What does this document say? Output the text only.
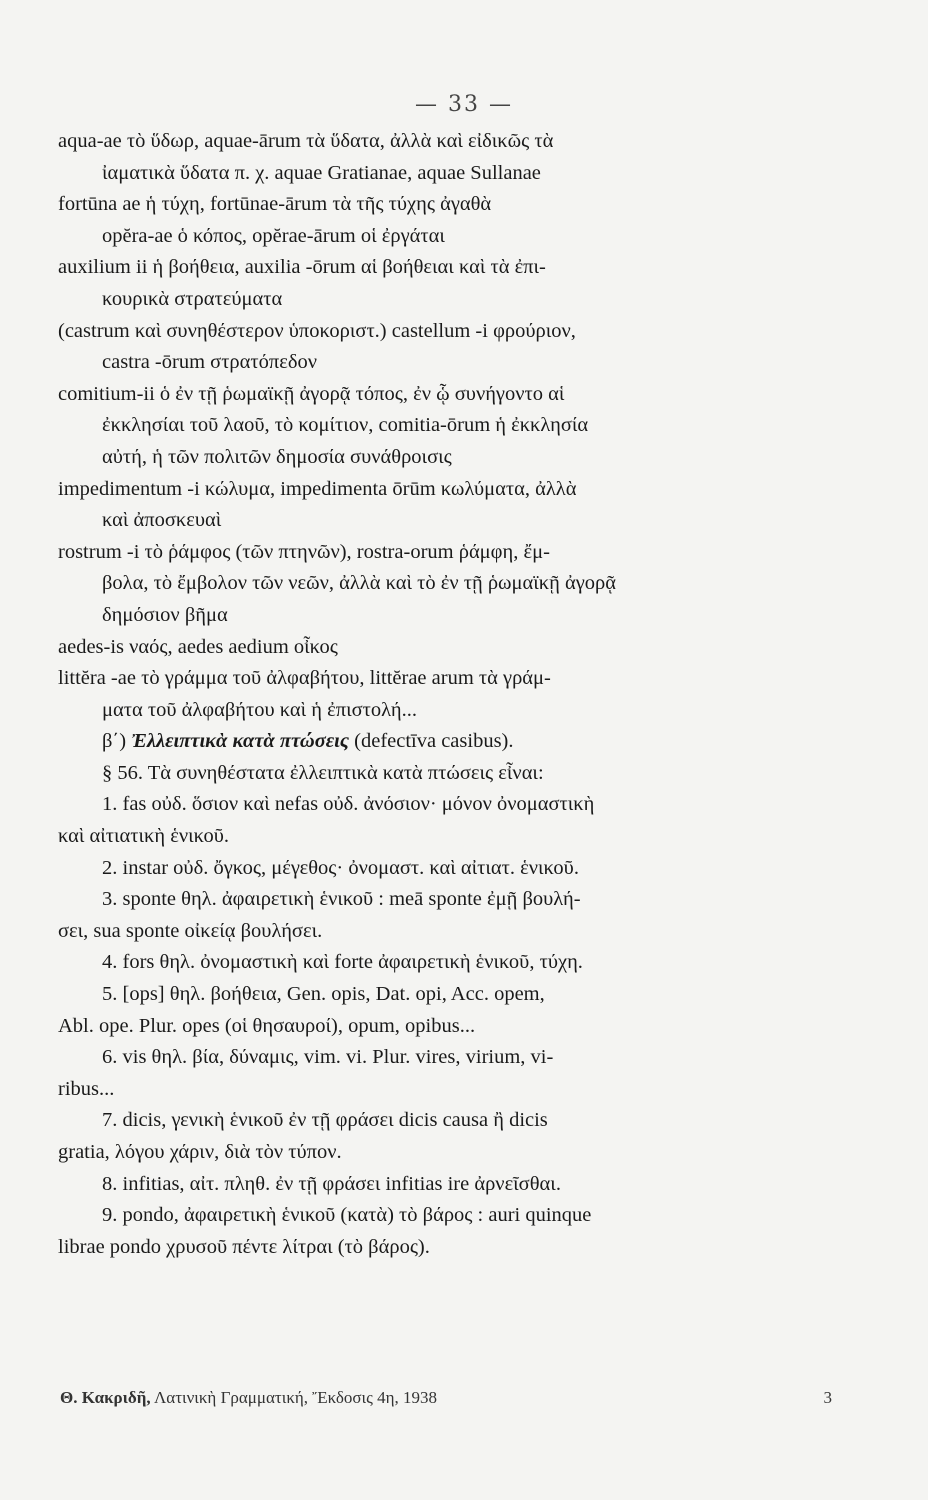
— 33 —
aqua-ae τὸ ὕδωρ, aquae-ārum τὰ ὕδατα, ἀλλὰ καὶ εἰδικῶς τὰ
ἰαματικὰ ὕδατα π. χ. aquae Gratianae, aquae Sullanae
fortūna ae ἡ τύχη, fortūnae-ārum τὰ τῆς τύχης ἀγαθὰ
opĕra-ae ὁ κόπος, opĕrae-ārum οἱ ἐργάται
auxilium ii ἡ βοήθεια, auxilia -ōrum αἱ βοήθειαι καὶ τὰ ἐπι-
κουρικὰ στρατεύματα
(castrum καὶ συνηθέστερον ὑποκοριστ.) castellum -i φρούριον,
castra -ōrum στρατόπεδον
comitium-ii ὁ ἐν τῇ ῥωμαϊκῇ ἀγορᾷ τόπος, ἐν ᾧ συνήγοντο αἱ
ἐκκλησίαι τοῦ λαοῦ, τὸ κομίτιον, comitia-ōrum ἡ ἐκκλησία
αὐτή, ἡ τῶν πολιτῶν δημοσία συνάθροισις
impedimentum -i κώλυμα, impedimenta ōrūm κωλύματα, ἀλλὰ
καὶ ἀποσκευαὶ
rostrum -i τὸ ῥάμφος (τῶν πτηνῶν), rostra-orum ῥάμφη, ἔμ-
βολα, τὸ ἔμβολον τῶν νεῶν, ἀλλὰ καὶ τὸ ἐν τῇ ῥωμαϊκῇ ἀγορᾷ
δημόσιον βῆμα
aedes-is ναός, aedes aedium οἶκος
littĕra -ae τὸ γράμμα τοῦ ἀλφαβήτου, littĕrae arum τὰ γράμ-
ματα τοῦ ἀλφαβήτου καὶ ἡ ἐπιστολή...
β΄) Ἐλλειπτικὰ κατὰ πτώσεις (defectīva casibus).
§ 56. Τὰ συνηθέστατα ἐλλειπτικὰ κατὰ πτώσεις εἶναι:
1. fas οὐδ. ὅσιον καὶ nefas οὐδ. ἀνόσιον· μόνον ὀνομαστικὴ
καὶ αἰτιατικὴ ἑνικοῦ.
2. instar οὐδ. ὄγκος, μέγεθος· ὀνομαστ. καὶ αἰτιατ. ἑνικοῦ.
3. sponte θηλ. ἀφαιρετικὴ ἑνικοῦ : meā sponte ἐμῇ βουλή-
σει, sua sponte οἰκείᾳ βουλήσει.
4. fors θηλ. ὀνομαστικὴ καὶ forte ἀφαιρετικὴ ἑνικοῦ, τύχη.
5. [ops] θηλ. βοήθεια, Gen. opis, Dat. opi, Acc. opem,
Abl. ope. Plur. opes (οἱ θησαυροί), opum, opibus...
6. vis θηλ. βία, δύναμις, vim. vi. Plur. vires, virium, vi-
ribus...
7. dicis, γενικὴ ἑνικοῦ ἐν τῇ φράσει dicis causa ἢ dicis
gratia, λόγου χάριν, διὰ τὸν τύπον.
8. infitias, αἰτ. πληθ. ἐν τῇ φράσει infitias ire ἀρνεῖσθαι.
9. pondo, ἀφαιρετικὴ ἑνικοῦ (κατὰ) τὸ βάρος : auri quinque
librae pondo χρυσοῦ πέντε λίτραι (τὸ βάρος).
Θ. Κακριδῆ, Λατινικὴ Γραμματική, Ἔκδοσις 4η, 1938	3
